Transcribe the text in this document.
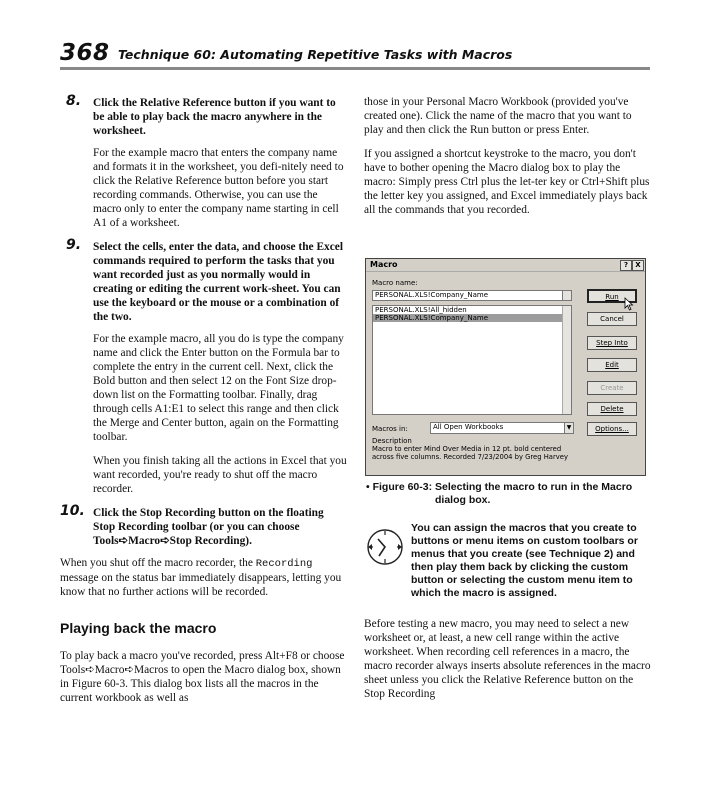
368 Technique 60: Automating Repetitive Tasks with Macros
8. Click the Relative Reference button if you want to be able to play back the macro anywhere in the worksheet.

For the example macro that enters the company name and formats it in the worksheet, you defi-nitely need to click the Relative Reference button before you start recording commands. Otherwise, you can use the macro only to enter the company name starting in cell A1 of a worksheet.

9. Select the cells, enter the data, and choose the Excel commands required to perform the tasks that you want recorded just as you normally would in creating or editing the current work-sheet. You can use the keyboard or the mouse or a combination of the two.

For the example macro, all you do is type the company name and click the Enter button on the Formula bar to complete the entry in the current cell. Next, click the Bold button and then select 12 on the Font Size drop-down list on the Formatting toolbar. Finally, drag through cells A1:E1 to select this range and then click the Merge and Center button, again on the Formatting toolbar.

When you finish taking all the actions in Excel that you want recorded, you're ready to shut off the macro recorder.

10. Click the Stop Recording button on the floating Stop Recording toolbar (or you can choose Tools➪Macro➪Stop Recording).

When you shut off the macro recorder, the Recording message on the status bar immediately disappears, letting you know that no further actions will be recorded.

Playing back the macro

To play back a macro you've recorded, press Alt+F8 or choose Tools➪Macro➪Macros to open the Macro dialog box, shown in Figure 60-3. This dialog box lists all the macros in the current workbook as well as

those in your Personal Macro Workbook (provided you've created one). Click the name of the macro that you want to play and then click the Run button or press Enter.

If you assigned a shortcut keystroke to the macro, you don't have to bother opening the Macro dialog box to play the macro: Simply press Ctrl plus the let-ter key or Ctrl+Shift plus the letter key you assigned, and Excel immediately plays back all the commands that you recorded.

Macro	?	X
Macro name:
PERSONAL.XLS!Company_Name
PERSONAL.XLS!All_hidden
PERSONAL.XLS!Company_Name
Run
Cancel
Step Into
Edit
Create
Delete
Macros in:	All Open Workbooks	▼	Options...
Description
Macro to enter Mind Over Media in 12 pt. bold centered across five columns. Recorded 7/23/2004 by Greg Harvey
• Figure 60-3: Selecting the macro to run in the Macro
dialog box.
You can assign the macros that you create to buttons or menu items on custom toolbars or menus that you create (see Technique 2) and then play them back by clicking the custom button or selecting the custom menu item to which the macro is assigned.

Before testing a new macro, you may need to select a new worksheet or, at least, a new cell range within the active worksheet. When recording cell references in a macro, the macro recorder always inserts absolute references in the macro sheet unless you click the Relative Reference button on the Stop Recording
